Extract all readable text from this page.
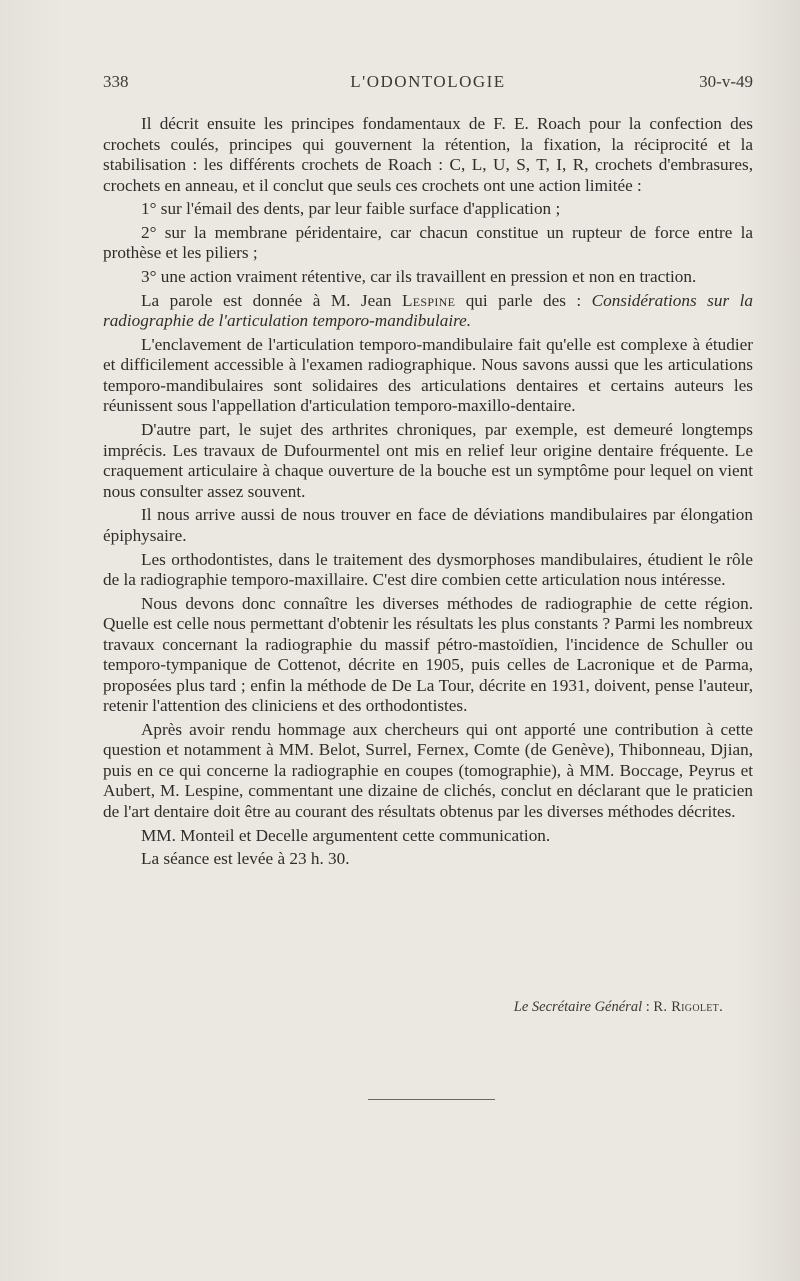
338	L'ODONTOLOGIE	30-v-49

Il décrit ensuite les principes fondamentaux de F. E. Roach pour la confection des crochets coulés, principes qui gouvernent la rétention, la fixation, la réciprocité et la stabilisation : les différents crochets de Roach : C, L, U, S, T, I, R, crochets d'embrasures, crochets en anneau, et il conclut que seuls ces crochets ont une action limitée :

1° sur l'émail des dents, par leur faible surface d'application ;

2° sur la membrane péridentaire, car chacun constitue un rupteur de force entre la prothèse et les piliers ;

3° une action vraiment rétentive, car ils travaillent en pression et non en traction.

La parole est donnée à M. Jean Lespine qui parle des : Considérations sur la radiographie de l'articulation temporo-mandibulaire.

L'enclavement de l'articulation temporo-mandibulaire fait qu'elle est complexe à étudier et difficilement accessible à l'examen radiographique. Nous savons aussi que les articulations temporo-mandibulaires sont solidaires des articulations dentaires et certains auteurs les réunissent sous l'appellation d'articulation temporo-maxillo-dentaire.

D'autre part, le sujet des arthrites chroniques, par exemple, est demeuré longtemps imprécis. Les travaux de Dufourmentel ont mis en relief leur origine dentaire fréquente. Le craquement articulaire à chaque ouverture de la bouche est un symptôme pour lequel on vient nous consulter assez souvent.

Il nous arrive aussi de nous trouver en face de déviations mandibulaires par élongation épiphysaire.

Les orthodontistes, dans le traitement des dysmorphoses mandibulaires, étudient le rôle de la radiographie temporo-maxillaire. C'est dire combien cette articulation nous intéresse.

Nous devons donc connaître les diverses méthodes de radiographie de cette région. Quelle est celle nous permettant d'obtenir les résultats les plus constants ? Parmi les nombreux travaux concernant la radiographie du massif pétro-mastoïdien, l'incidence de Schuller ou temporo-tympanique de Cottenot, décrite en 1905, puis celles de Lacronique et de Parma, proposées plus tard ; enfin la méthode de De La Tour, décrite en 1931, doivent, pense l'auteur, retenir l'attention des cliniciens et des orthodontistes.

Après avoir rendu hommage aux chercheurs qui ont apporté une contribution à cette question et notamment à MM. Belot, Surrel, Fernex, Comte (de Genève), Thibonneau, Djian, puis en ce qui concerne la radiographie en coupes (tomographie), à MM. Boccage, Peyrus et Aubert, M. Lespine, commentant une dizaine de clichés, conclut en déclarant que le praticien de l'art dentaire doit être au courant des résultats obtenus par les diverses méthodes décrites.

MM. Monteil et Decelle argumentent cette communication.

La séance est levée à 23 h. 30.

Le Secrétaire Général : R. Rigolet.
